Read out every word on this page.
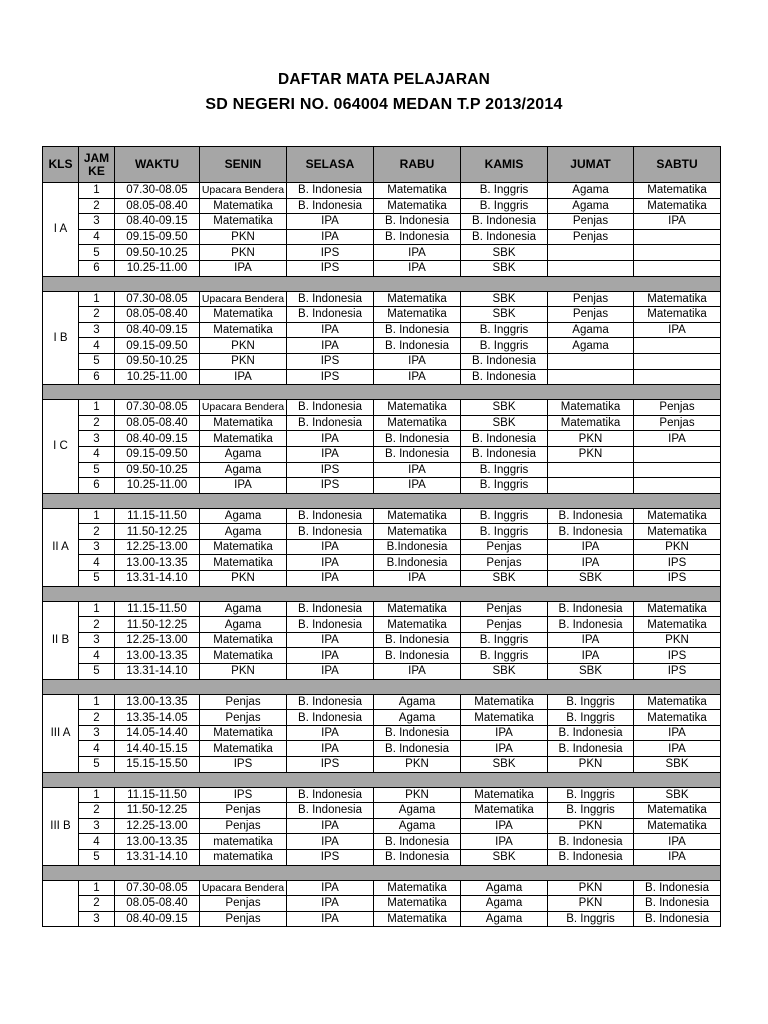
DAFTAR MATA PELAJARAN
SD NEGERI NO. 064004 MEDAN T.P 2013/2014
KLS	JAM KE	WAKTU	SENIN	SELASA	RABU	KAMIS	JUMAT	SABTU
I A	1	07.30-08.05	Upacara Bendera	B. Indonesia	Matematika	B. Inggris	Agama	Matematika
	2	08.05-08.40	Matematika	B. Indonesia	Matematika	B. Inggris	Agama	Matematika
	3	08.40-09.15	Matematika	IPA	B. Indonesia	B. Indonesia	Penjas	IPA
	4	09.15-09.50	PKN	IPA	B. Indonesia	B. Indonesia	Penjas	
	5	09.50-10.25	PKN	IPS	IPA	SBK		
	6	10.25-11.00	IPA	IPS	IPA	SBK		

I B	1	07.30-08.05	Upacara Bendera	B. Indonesia	Matematika	SBK	Penjas	Matematika
	2	08.05-08.40	Matematika	B. Indonesia	Matematika	SBK	Penjas	Matematika
	3	08.40-09.15	Matematika	IPA	B. Indonesia	B. Inggris	Agama	IPA
	4	09.15-09.50	PKN	IPA	B. Indonesia	B. Inggris	Agama	
	5	09.50-10.25	PKN	IPS	IPA	B. Indonesia		
	6	10.25-11.00	IPA	IPS	IPA	B. Indonesia		

I C	1	07.30-08.05	Upacara Bendera	B. Indonesia	Matematika	SBK	Matematika	Penjas
	2	08.05-08.40	Matematika	B. Indonesia	Matematika	SBK	Matematika	Penjas
	3	08.40-09.15	Matematika	IPA	B. Indonesia	B. Indonesia	PKN	IPA
	4	09.15-09.50	Agama	IPA	B. Indonesia	B. Indonesia	PKN	
	5	09.50-10.25	Agama	IPS	IPA	B. Inggris		
	6	10.25-11.00	IPA	IPS	IPA	B. Inggris		

II A	1	11.15-11.50	Agama	B. Indonesia	Matematika	B. Inggris	B. Indonesia	Matematika
	2	11.50-12.25	Agama	B. Indonesia	Matematika	B. Inggris	B. Indonesia	Matematika
	3	12.25-13.00	Matematika	IPA	B.Indonesia	Penjas	IPA	PKN
	4	13.00-13.35	Matematika	IPA	B.Indonesia	Penjas	IPA	IPS
	5	13.31-14.10	PKN	IPA	IPA	SBK	SBK	IPS

II B	1	11.15-11.50	Agama	B. Indonesia	Matematika	Penjas	B. Indonesia	Matematika
	2	11.50-12.25	Agama	B. Indonesia	Matematika	Penjas	B. Indonesia	Matematika
	3	12.25-13.00	Matematika	IPA	B. Indonesia	B. Inggris	IPA	PKN
	4	13.00-13.35	Matematika	IPA	B. Indonesia	B. Inggris	IPA	IPS
	5	13.31-14.10	PKN	IPA	IPA	SBK	SBK	IPS

III A	1	13.00-13.35	Penjas	B. Indonesia	Agama	Matematika	B. Inggris	Matematika
	2	13.35-14.05	Penjas	B. Indonesia	Agama	Matematika	B. Inggris	Matematika
	3	14.05-14.40	Matematika	IPA	B. Indonesia	IPA	B. Indonesia	IPA
	4	14.40-15.15	Matematika	IPA	B. Indonesia	IPA	B. Indonesia	IPA
	5	15.15-15.50	IPS	IPS	PKN	SBK	PKN	SBK

III B	1	11.15-11.50	IPS	B. Indonesia	PKN	Matematika	B. Inggris	SBK
	2	11.50-12.25	Penjas	B. Indonesia	Agama	Matematika	B. Inggris	Matematika
	3	12.25-13.00	Penjas	IPA	Agama	IPA	PKN	Matematika
	4	13.00-13.35	matematika	IPA	B. Indonesia	IPA	B. Indonesia	IPA
	5	13.31-14.10	matematika	IPS	B. Indonesia	SBK	B. Indonesia	IPA

	1	07.30-08.05	Upacara Bendera	IPA	Matematika	Agama	PKN	B. Indonesia
	2	08.05-08.40	Penjas	IPA	Matematika	Agama	PKN	B. Indonesia
	3	08.40-09.15	Penjas	IPA	Matematika	Agama	B. Inggris	B. Indonesia
